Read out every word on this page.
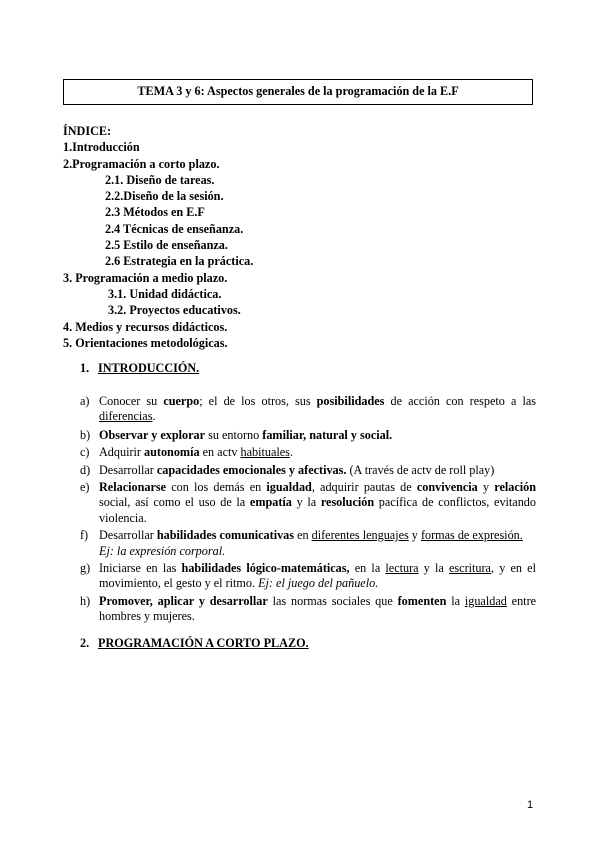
TEMA 3 y 6: Aspectos generales de la programación de la E.F
ÍNDICE:
1.Introducción
2.Programación a corto plazo.
2.1. Diseño de tareas.
2.2.Diseño de la sesión.
2.3 Métodos en E.F
2.4 Técnicas de enseñanza.
2.5 Estilo de enseñanza.
2.6 Estrategia en la práctica.
3. Programación a medio plazo.
3.1. Unidad didáctica.
3.2. Proyectos educativos.
4. Medios y recursos didácticos.
5. Orientaciones metodológicas.
1. INTRODUCCIÓN.
a) Conocer su cuerpo; el de los otros, sus posibilidades de acción con respeto a las diferencias.
b) Observar y explorar su entorno familiar, natural y social.
c) Adquirir autonomía en actv habituales.
d) Desarrollar capacidades emocionales y afectivas. (A través de actv de roll play)
e) Relacionarse con los demás en igualdad, adquirir pautas de convivencia y relación social, así como el uso de la empatía y la resolución pacífica de conflictos, evitando violencia.
f) Desarrollar habilidades comunicativas en diferentes lenguajes y formas de expresión.
Ej: la expresión corporal.
g) Iniciarse en las habilidades lógico-matemáticas, en la lectura y la escritura, y en el movimiento, el gesto y el ritmo. Ej: el juego del pañuelo.
h) Promover, aplicar y desarrollar las normas sociales que fomenten la igualdad entre hombres y mujeres.
2. PROGRAMACIÓN A CORTO PLAZO.
1
